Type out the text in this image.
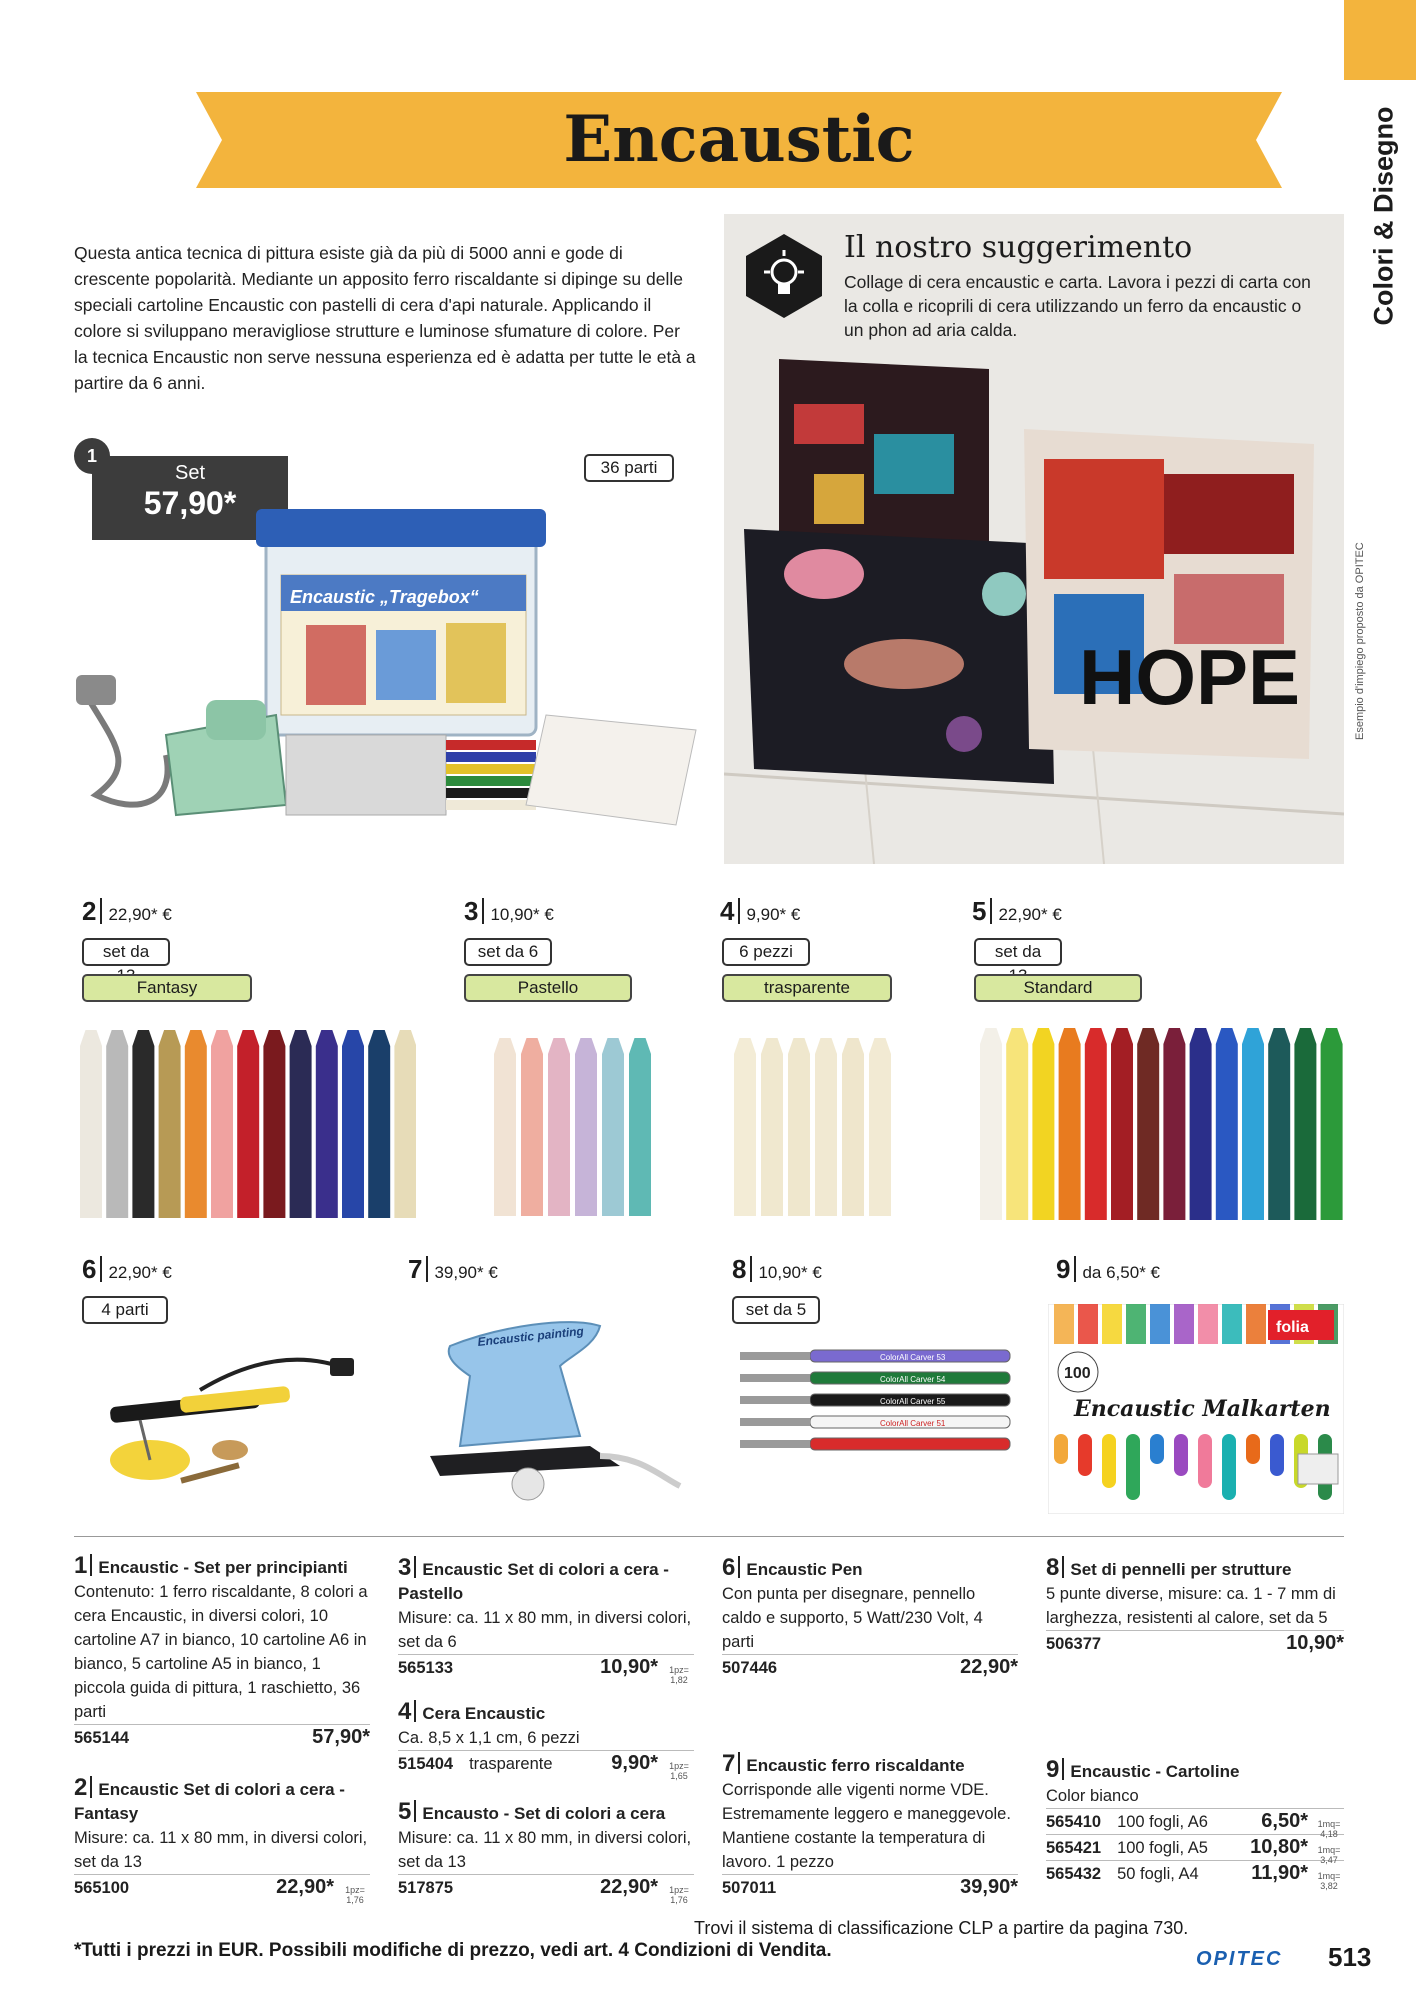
Colori & Disegno
Encaustic
Questa antica tecnica di pittura esiste già da più di 5000 anni e gode di crescente popolarità. Mediante un apposito ferro riscaldante si dipinge su delle speciali cartoline Encaustic con pastelli di cera d'api naturale. Applicando il colore si sviluppano meravigliose strutture e luminose sfumature di colore. Per la tecnica Encaustic non serve nessuna esperienza ed è adatta per tutte le età a partire da 6 anni.
Set
57,90*
1
36 parti
Encaustic „Tragebox“
HOPE
Il nostro suggerimento
Collage di cera encaustic e carta. Lavora i pezzi di carta con la colla e ricoprili di cera utilizzando un ferro da encaustic o un phon ad aria calda.
Esempio d'impiego proposto da OPITEC
2 22,90* €
set da
Fantasy
3 10,90* €
set da 6
Pastello
4 9,90* €
6 pezzi
trasparente
5 22,90* €
set da
Standard
6 22,90* €
4 parti
7 39,90* €	8 10,90* €
set da 5
9 da 6,50* €
Encaustic painting
ColorAll Carver 53
ColorAll Carver 54
ColorAll Carver 55
ColorAll Carver 51
folia
100
Encaustic Malkarten
1 Encaustic - Set per principianti
Contenuto: 1 ferro riscaldante, 8 colori a cera Encaustic, in diversi colori, 10 cartoline A7 in bianco, 10 cartoline A6 in bianco, 5 cartoline A5 in bianco, 1 piccola guida di pittura, 1 raschietto, 36 parti
565144	57,90*
2 Encaustic Set di colori a cera - Fantasy
Misure: ca. 11 x 80 mm, in diversi colori, set da 13
565100	22,90*	1pz= 1,76
3 Encaustic Set di colori a cera - Pastello
Misure: ca. 11 x 80 mm, in diversi colori, set da 6
565133	10,90*	1pz= 1,82
4 Cera Encaustic
Ca. 8,5 x 1,1 cm, 6 pezzi
515404 trasparente	9,90*	1pz= 1,65
5 Encausto - Set di colori a cera
Misure: ca. 11 x 80 mm, in diversi colori, set da 13
517875	22,90*	1pz= 1,76
6 Encaustic Pen
Con punta per disegnare, pennello caldo e supporto, 5 Watt/230 Volt, 4 parti
507446	22,90*
7 Encaustic ferro riscaldante
Corrisponde alle vigenti norme VDE. Estremamente leggero e maneggevole. Mantiene costante la temperatura di lavoro. 1 pezzo
507011	39,90*
8 Set di pennelli per strutture
5 punte diverse, misure: ca. 1 - 7 mm di larghezza, resistenti al calore, set da 5
506377	10,90*
9 Encaustic - Cartoline
Color bianco
565410 100 fogli, A6	6,50*	1mq= 4,18
565421 100 fogli, A5	10,80*	1mq= 3,47
565432 50 fogli, A4	11,90*	1mq= 3,82
Trovi il sistema di classificazione CLP a partire da pagina 730.
*Tutti i prezzi in EUR. Possibili modifiche di prezzo, vedi art. 4 Condizioni di Vendita.	OPITEC 513
